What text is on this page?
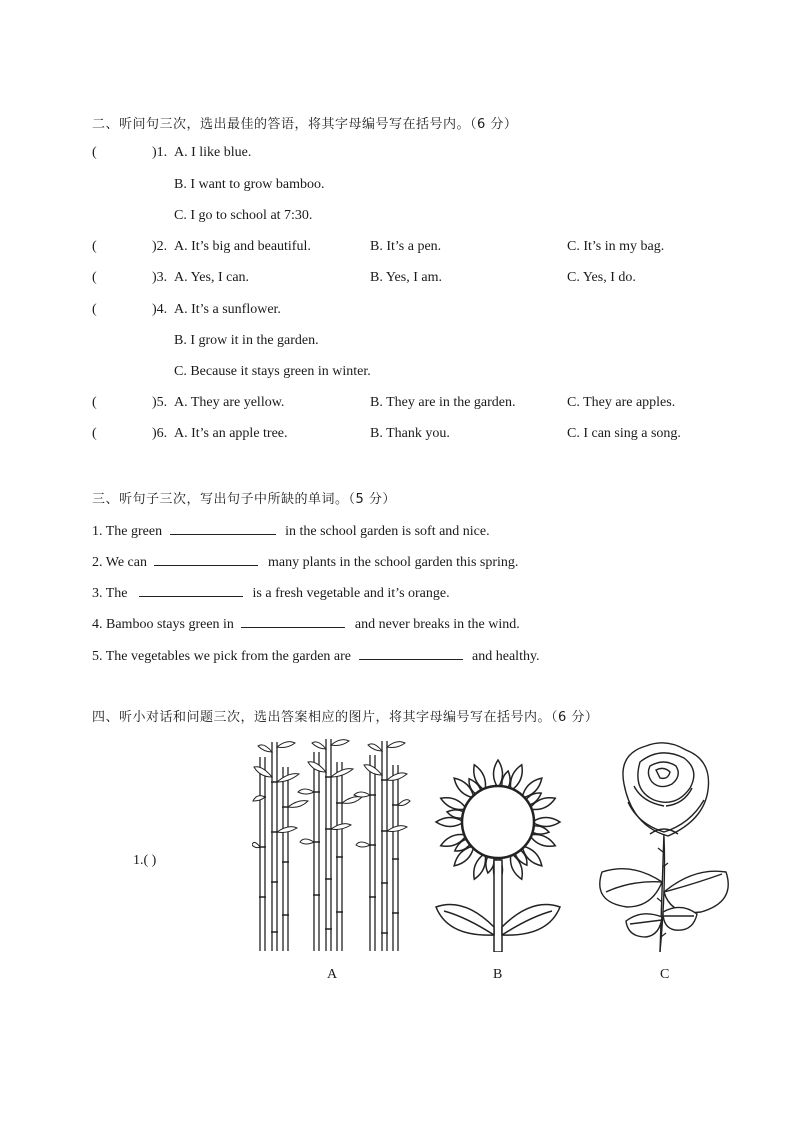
二、听问句三次，选出最佳的答语，将其字母编号写在括号内。（6 分）
(	)1. A. I like blue.
B. I want to grow bamboo.
C. I go to school at 7:30.
(	)2. A. It’s big and beautiful.	B. It’s a pen.	C. It’s in my bag.
(	)3. A. Yes, I can.	B. Yes, I am.	C. Yes, I do.
(	)4. A. It’s a sunflower.
B. I grow it in the garden.
C. Because it stays green in winter.
(	)5. A. They are yellow.	B. They are in the garden.	C. They are apples.
(	)6. A. It’s an apple tree.	B. Thank you.	C. I can sing a song.
三、听句子三次，写出句子中所缺的单词。（5 分）
1. The green	in the school garden is soft and nice.
2. We can	many plants in the school garden this spring.
3. The	is a fresh vegetable and it’s orange.
4. Bamboo stays green in	and never breaks in the wind.
5. The vegetables we pick from the garden are	and healthy.
四、听小对话和问题三次，选出答案相应的图片，将其字母编号写在括号内。（6 分）
1.( )
A	B	C
